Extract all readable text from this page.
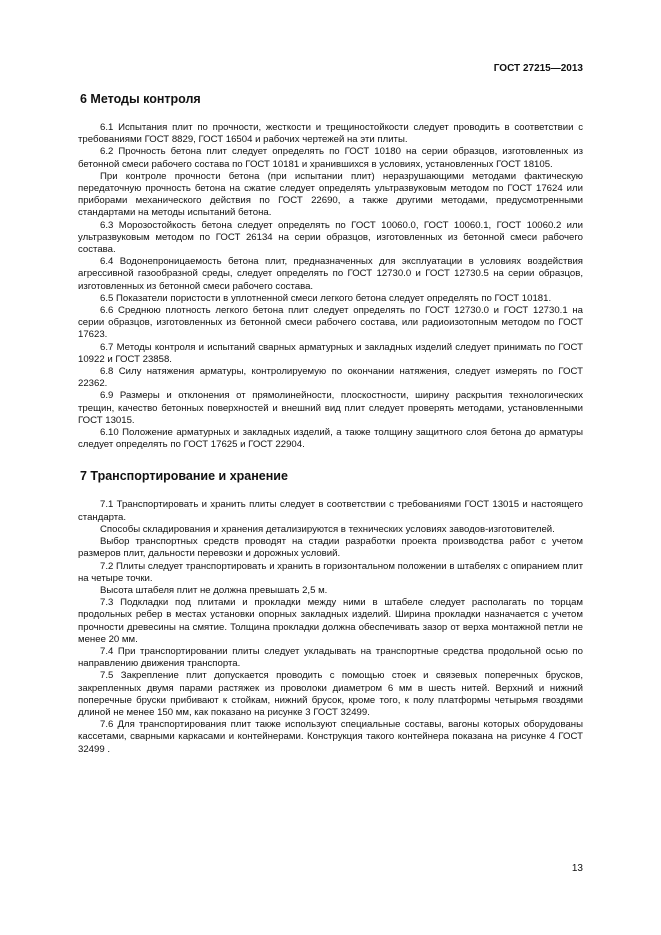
ГОСТ 27215—2013
6 Методы контроля

6.1 Испытания плит по прочности, жесткости и трещиностойкости следует проводить в соответствии с требованиями ГОСТ 8829, ГОСТ 16504 и рабочих чертежей на эти плиты.

6.2 Прочность бетона плит следует определять по ГОСТ 10180 на серии образцов, изготовленных из бетонной смеси рабочего состава по ГОСТ 10181 и хранившихся в условиях, установленных ГОСТ 18105.

При контроле прочности бетона (при испытании плит) неразрушающими методами фактическую передаточную прочность бетона на сжатие следует определять ультразвуковым методом по ГОСТ 17624 или приборами механического действия по ГОСТ 22690, а также другими методами, предусмотренными стандартами на методы испытаний бетона.

6.3 Морозостойкость бетона следует определять по ГОСТ 10060.0, ГОСТ 10060.1, ГОСТ 10060.2 или ультразвуковым методом по ГОСТ 26134 на серии образцов, изготовленных из бетонной смеси рабочего состава.

6.4 Водонепроницаемость бетона плит, предназначенных для эксплуатации в условиях воздействия агрессивной газообразной среды, следует определять по ГОСТ 12730.0 и ГОСТ 12730.5 на серии образцов, изготовленных из бетонной смеси рабочего состава.

6.5 Показатели пористости в уплотненной смеси легкого бетона следует определять по ГОСТ 10181.

6.6 Среднюю плотность легкого бетона плит следует определять по ГОСТ 12730.0 и ГОСТ 12730.1 на серии образцов, изготовленных из бетонной смеси рабочего состава, или радиоизотопным методом по ГОСТ 17623.

6.7 Методы контроля и испытаний сварных арматурных и закладных изделий следует принимать по ГОСТ 10922 и ГОСТ 23858.

6.8 Силу натяжения арматуры, контролируемую по окончании натяжения, следует измерять по ГОСТ 22362.

6.9 Размеры и отклонения от прямолинейности, плоскостности, ширину раскрытия технологических трещин, качество бетонных поверхностей и внешний вид плит следует проверять методами, установленными ГОСТ 13015.

6.10 Положение арматурных и закладных изделий, а также толщину защитного слоя бетона до арматуры следует определять по ГОСТ 17625 и ГОСТ 22904.

7 Транспортирование и хранение

7.1 Транспортировать и хранить плиты следует в соответствии с требованиями ГОСТ 13015 и настоящего стандарта.

Способы складирования и хранения детализируются в технических условиях заводов-изготовителей.

Выбор транспортных средств проводят на стадии разработки проекта производства работ с учетом размеров плит, дальности перевозки и дорожных условий.

7.2 Плиты следует транспортировать и хранить в горизонтальном положении в штабелях с опиранием плит на четыре точки.

Высота штабеля плит не должна превышать 2,5 м.

7.3 Подкладки под плитами и прокладки между ними в штабеле следует располагать по торцам продольных ребер в местах установки опорных закладных изделий. Ширина прокладки назначается с учетом прочности древесины на смятие. Толщина прокладки должна обеспечивать зазор от верха монтажной петли не менее 20 мм.

7.4 При транспортировании плиты следует укладывать на транспортные средства продольной осью по направлению движения транспорта.

7.5 Закрепление плит допускается проводить с помощью стоек и связевых поперечных брусков, закрепленных двумя парами растяжек из проволоки диаметром 6 мм в шесть нитей. Верхний и нижний поперечные бруски прибивают к стойкам, нижний брусок, кроме того, к полу платформы четырьмя гвоздями длиной не менее 150 мм, как показано на рисунке 3 ГОСТ 32499.

7.6 Для транспортирования плит также используют специальные составы, вагоны которых оборудованы кассетами, сварными каркасами и контейнерами. Конструкция такого контейнера показана на рисунке 4 ГОСТ 32499 .

13
